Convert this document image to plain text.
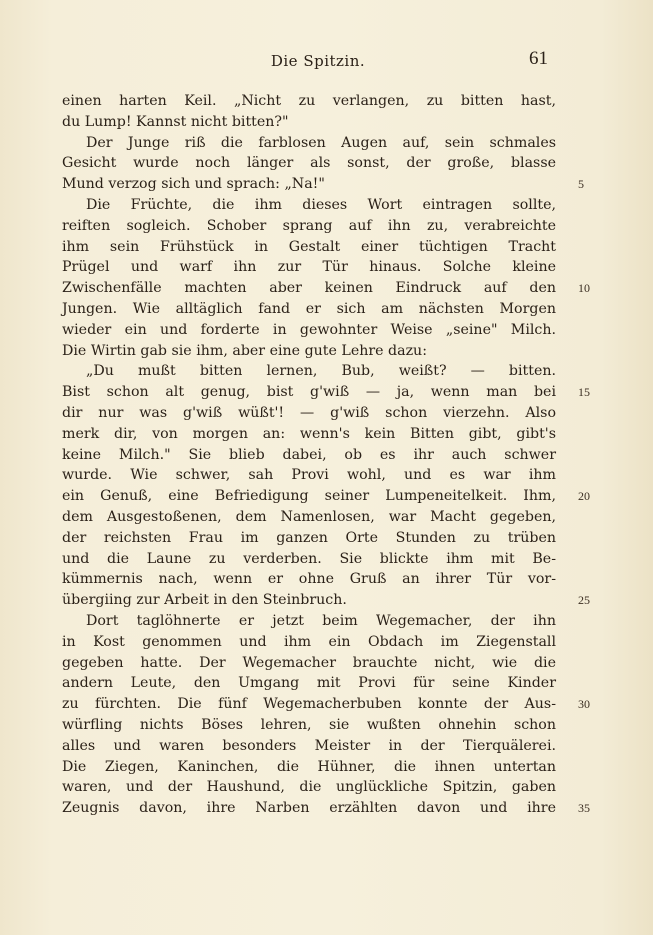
Die Spitzin.	61
einen harten Keil. „Nicht zu verlangen, zu bitten hast,
du Lump! Kannst nicht bitten?"
Der Junge riß die farblosen Augen auf, sein schmales
Gesicht wurde noch länger als sonst, der große, blasse
Mund verzog sich und sprach: „Na!"	5
Die Früchte, die ihm dieses Wort eintragen sollte,
reiften sogleich. Schober sprang auf ihn zu, verabreichte
ihm sein Frühstück in Gestalt einer tüchtigen Tracht
Prügel und warf ihn zur Tür hinaus. Solche kleine
Zwischenfälle machten aber keinen Eindruck auf den 10
Jungen. Wie alltäglich fand er sich am nächsten Morgen
wieder ein und forderte in gewohnter Weise „seine" Milch.
Die Wirtin gab sie ihm, aber eine gute Lehre dazu:
„Du mußt bitten lernen, Bub, weißt? — bitten.
Bist schon alt genug, bist g'wiß — ja, wenn man bei 15
dir nur was g'wiß wüßt'! — g'wiß schon vierzehn. Also
merk dir, von morgen an: wenn's kein Bitten gibt, gibt's
keine Milch." Sie blieb dabei, ob es ihr auch schwer
wurde. Wie schwer, sah Provi wohl, und es war ihm
ein Genuß, eine Befriedigung seiner Lumpeneitelkeit. Ihm, 20
dem Ausgestoßenen, dem Namenlosen, war Macht gegeben,
der reichsten Frau im ganzen Orte Stunden zu trüben
und die Laune zu verderben. Sie blickte ihm mit Be-
kümmernis nach, wenn er ohne Gruß an ihrer Tür vor-
übergiing zur Arbeit in den Steinbruch.	25
Dort taglöhnerte er jetzt beim Wegemacher, der ihn
in Kost genommen und ihm ein Obdach im Ziegenstall
gegeben hatte. Der Wegemacher brauchte nicht, wie die
andern Leute, den Umgang mit Provi für seine Kinder
zu fürchten. Die fünf Wegemacherbuben konnte der Aus- 30
würfling nichts Böses lehren, sie wußten ohnehin schon
alles und waren besonders Meister in der Tierquälerei.
Die Ziegen, Kaninchen, die Hühner, die ihnen untertan
waren, und der Haushund, die unglückliche Spitzin, gaben
Zeugnis davon, ihre Narben erzählten davon und ihre 35
